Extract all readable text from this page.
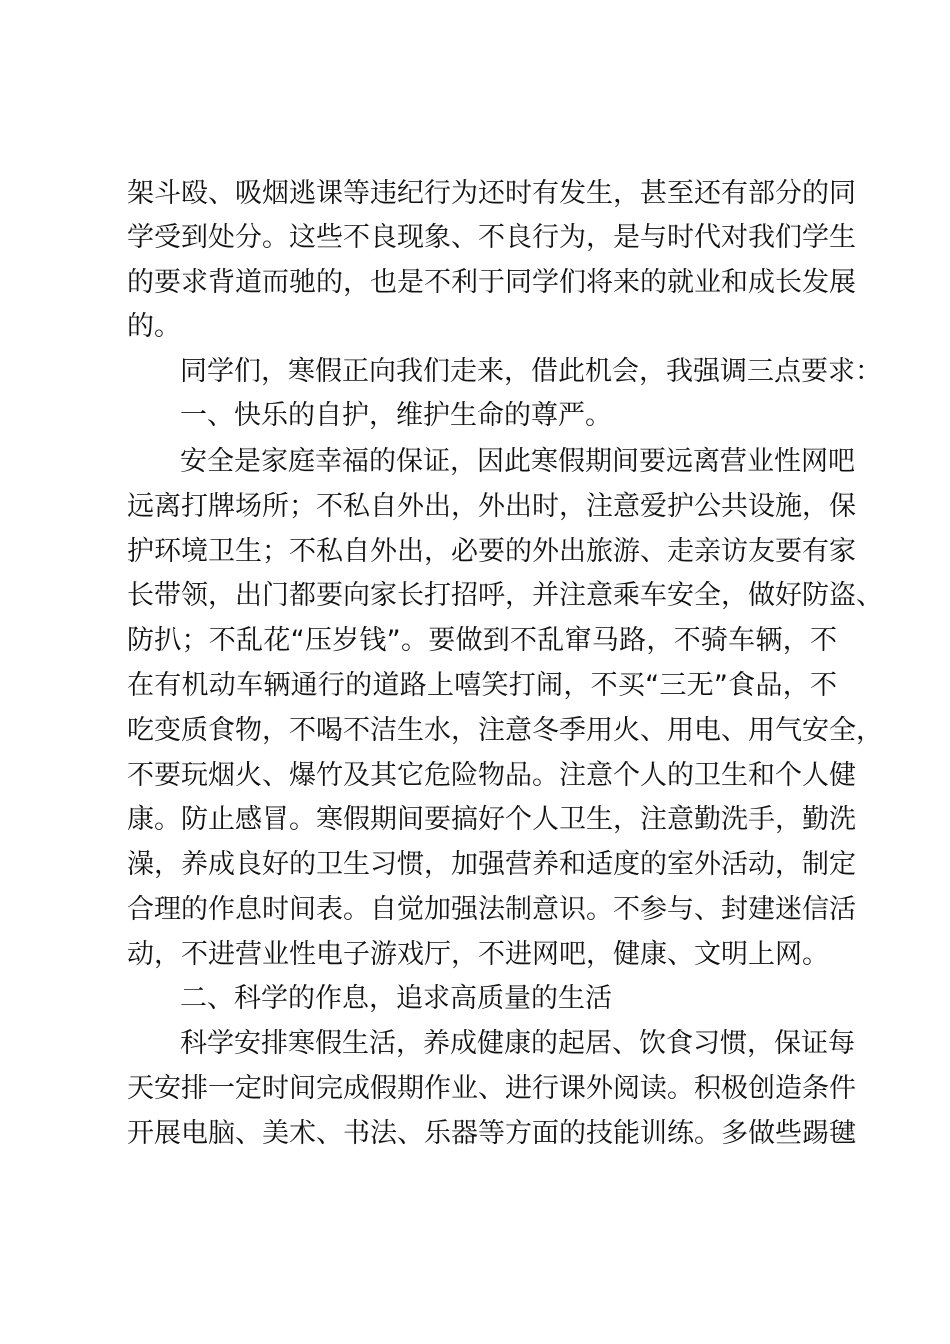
架斗殴、吸烟逃课等违纪行为还时有发生，甚至还有部分的同
学受到处分。这些不良现象、不良行为，是与时代对我们学生
的要求背道而驰的，也是不利于同学们将来的就业和成长发展
的。
同学们，寒假正向我们走来，借此机会，我强调三点要求：
一、快乐的自护，维护生命的尊严。
安全是家庭幸福的保证，因此寒假期间要远离营业性网吧
远离打牌场所；不私自外出，外出时，注意爱护公共设施，保
护环境卫生；不私自外出，必要的外出旅游、走亲访友要有家
长带领，出门都要向家长打招呼，并注意乘车安全，做好防盗、
防扒；不乱花“压岁钱”。要做到不乱窜马路，不骑车辆，不
在有机动车辆通行的道路上嘻笑打闹，不买“三无”食品，不
吃变质食物，不喝不洁生水，注意冬季用火、用电、用气安全，
不要玩烟火、爆竹及其它危险物品。注意个人的卫生和个人健
康。防止感冒。寒假期间要搞好个人卫生，注意勤洗手，勤洗
澡，养成良好的卫生习惯，加强营养和适度的室外活动，制定
合理的作息时间表。自觉加强法制意识。不参与、封建迷信活
动，不进营业性电子游戏厅，不进网吧，健康、文明上网。
二、科学的作息，追求高质量的生活
科学安排寒假生活，养成健康的起居、饮食习惯，保证每
天安排一定时间完成假期作业、进行课外阅读。积极创造条件
开展电脑、美术、书法、乐器等方面的技能训练。多做些踢毽
